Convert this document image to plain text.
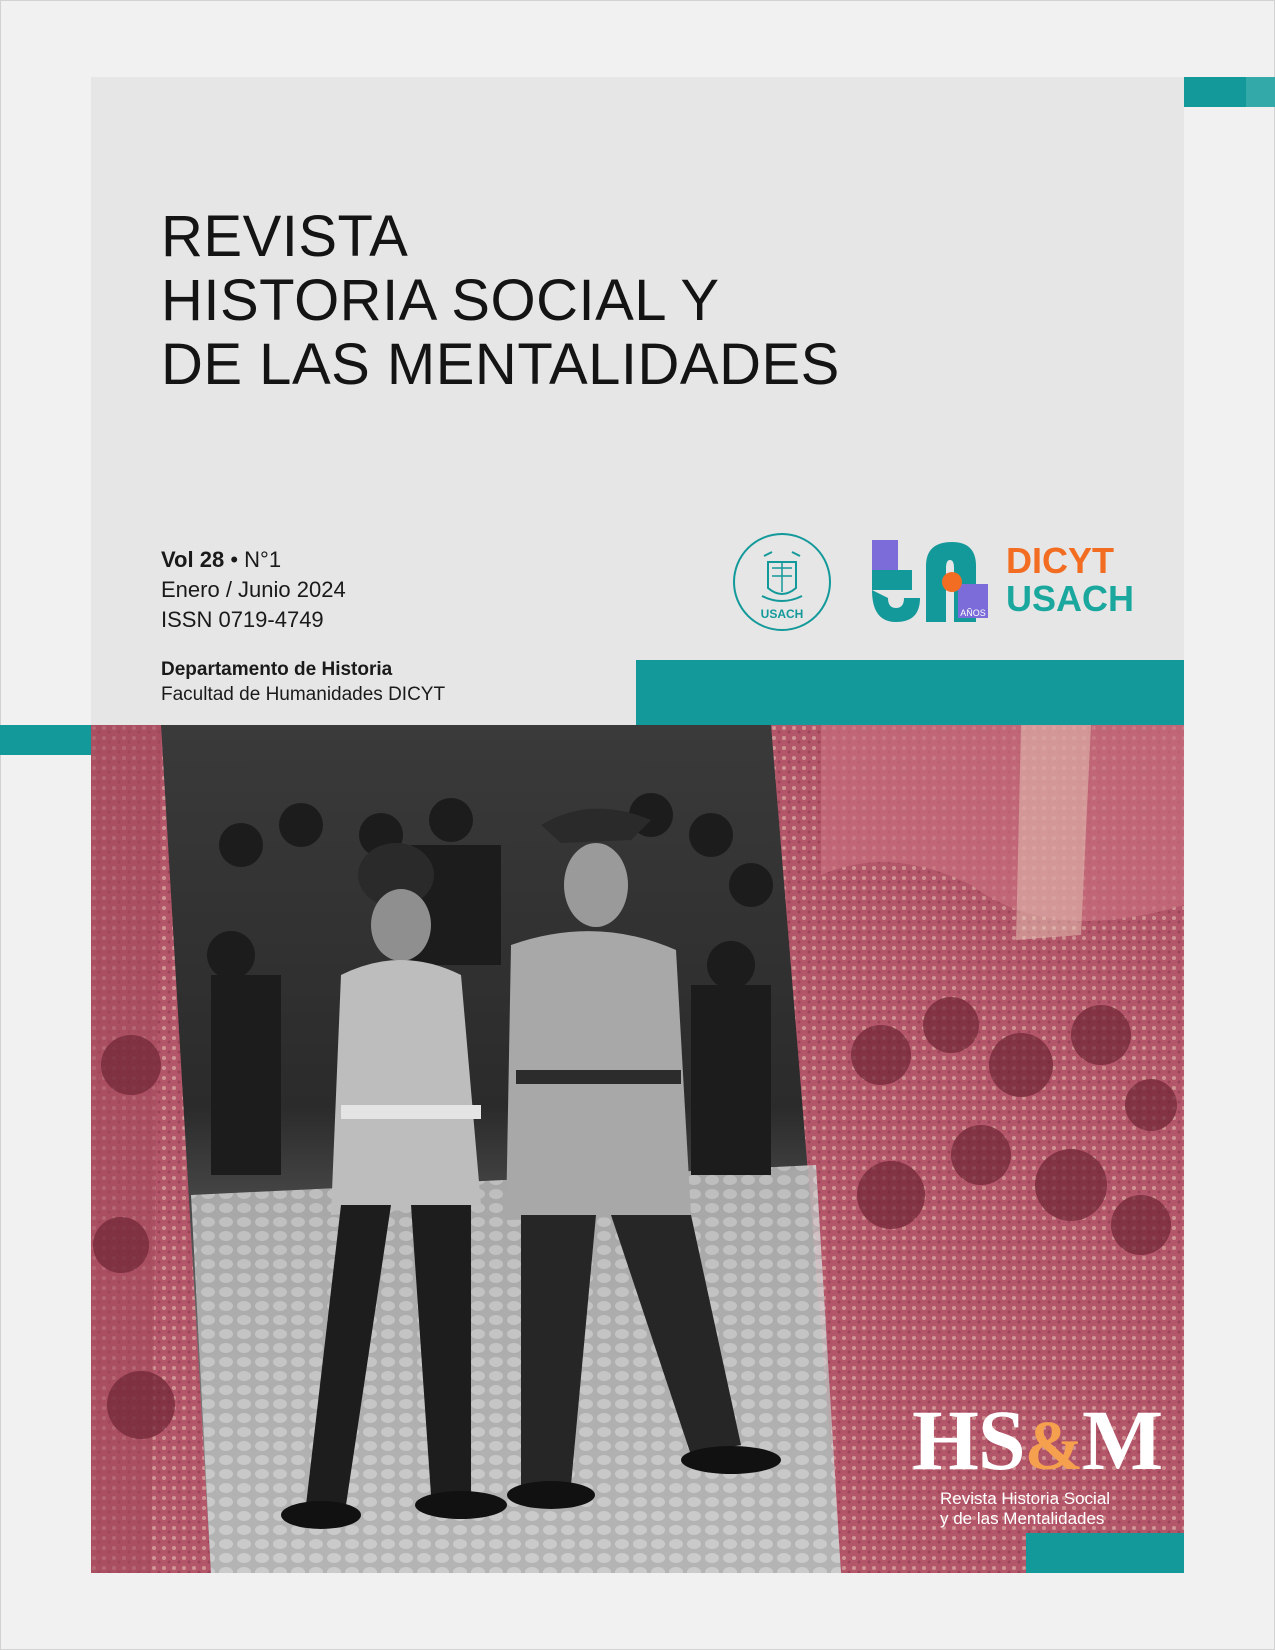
REVISTA
HISTORIA SOCIAL Y
DE LAS MENTALIDADES
Vol 28 • N°1
Enero / Junio 2024
ISSN 0719-4749
Departamento de Historia
Facultad de Humanidades DICYT
USACH	AÑOS
DICYT
USACH
HS&M
Revista Historia Social
y de las Mentalidades
